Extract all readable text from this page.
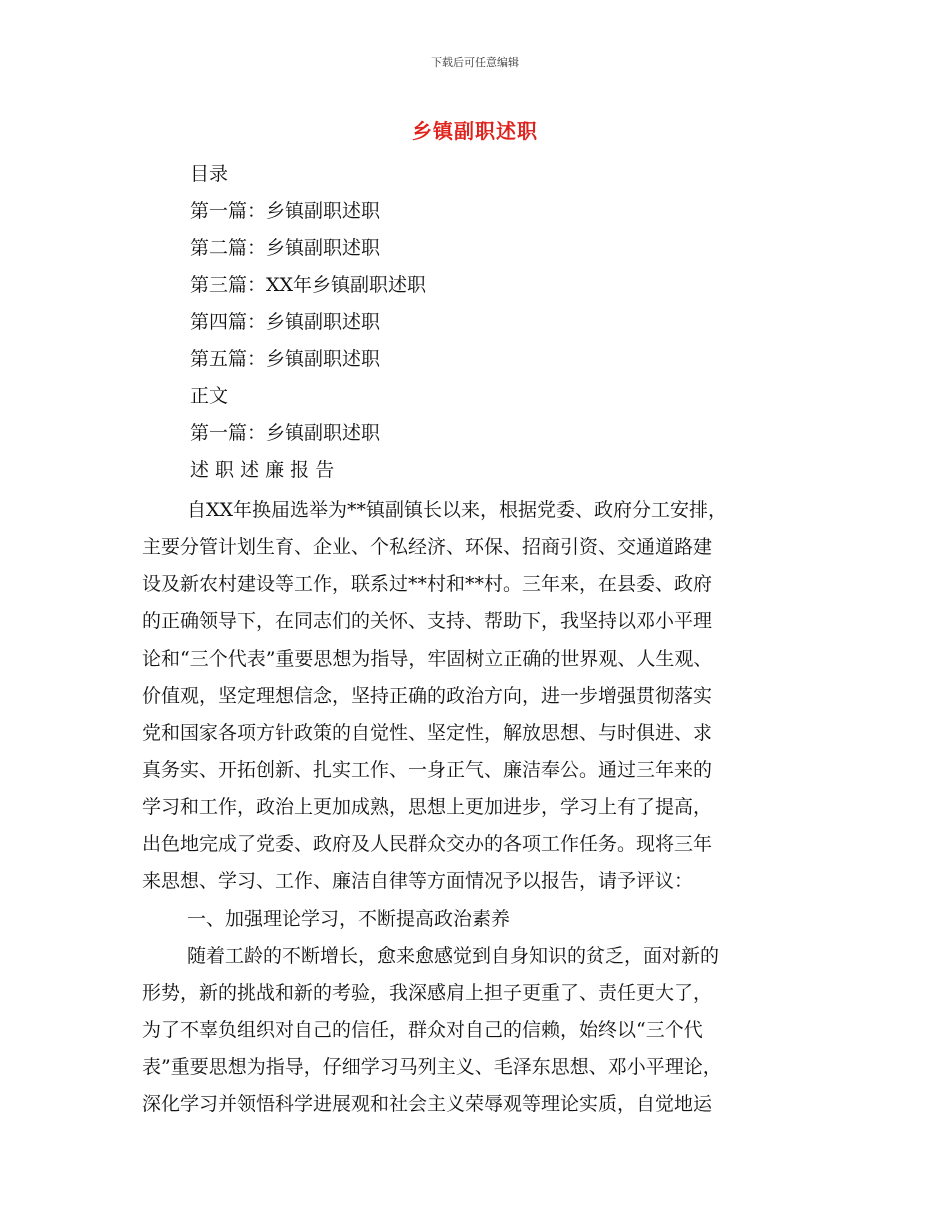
下载后可任意编辑
乡镇副职述职
目录
第一篇：乡镇副职述职
第二篇：乡镇副职述职
第三篇：XX年乡镇副职述职
第四篇：乡镇副职述职
第五篇：乡镇副职述职
正文
第一篇：乡镇副职述职
述 职 述 廉 报 告
自XX年换届选举为**镇副镇长以来，根据党委、政府分工安排，
主要分管计划生育、企业、个私经济、环保、招商引资、交通道路建
设及新农村建设等工作，联系过**村和**村。三年来，在县委、政府
的正确领导下，在同志们的关怀、支持、帮助下，我坚持以邓小平理
论和“三个代表”重要思想为指导，牢固树立正确的世界观、人生观、
价值观，坚定理想信念，坚持正确的政治方向，进一步增强贯彻落实
党和国家各项方针政策的自觉性、坚定性，解放思想、与时俱进、求
真务实、开拓创新、扎实工作、一身正气、廉洁奉公。通过三年来的
学习和工作，政治上更加成熟，思想上更加进步，学习上有了提高，
出色地完成了党委、政府及人民群众交办的各项工作任务。现将三年
来思想、学习、工作、廉洁自律等方面情况予以报告，请予评议：
一、加强理论学习，不断提高政治素养
随着工龄的不断增长，愈来愈感觉到自身知识的贫乏，面对新的
形势，新的挑战和新的考验，我深感肩上担子更重了、责任更大了，
为了不辜负组织对自己的信任，群众对自己的信赖，始终以“三个代
表”重要思想为指导，仔细学习马列主义、毛泽东思想、邓小平理论，
深化学习并领悟科学进展观和社会主义荣辱观等理论实质，自觉地运
